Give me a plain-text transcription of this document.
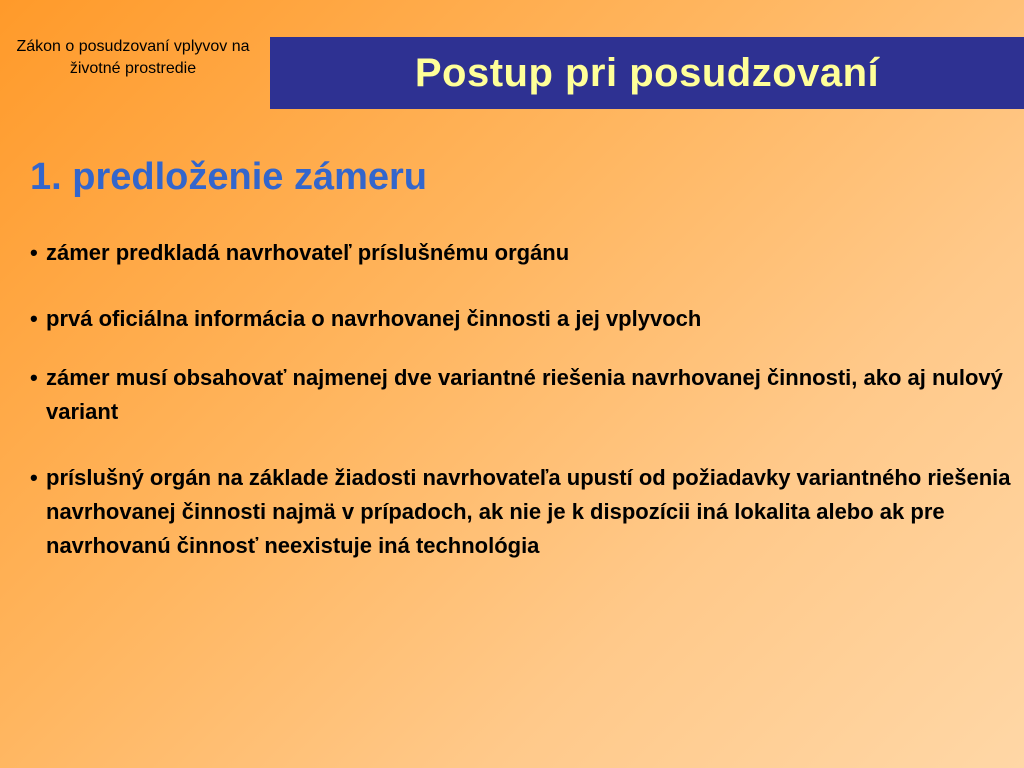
Zákon o posudzovaní vplyvov na životné prostredie	Postup pri posudzovaní
1. predloženie zámeru
• zámer predkladá navrhovateľ príslušnému orgánu
• prvá oficiálna informácia o navrhovanej činnosti a jej vplyvoch
• zámer musí obsahovať najmenej dve variantné riešenia navrhovanej činnosti, ako aj nulový variant
• príslušný orgán na základe žiadosti navrhovateľa upustí od požiadavky variantného riešenia navrhovanej činnosti najmä v prípadoch, ak nie je k dispozícii iná lokalita alebo ak pre navrhovanú činnosť neexistuje iná technológia
